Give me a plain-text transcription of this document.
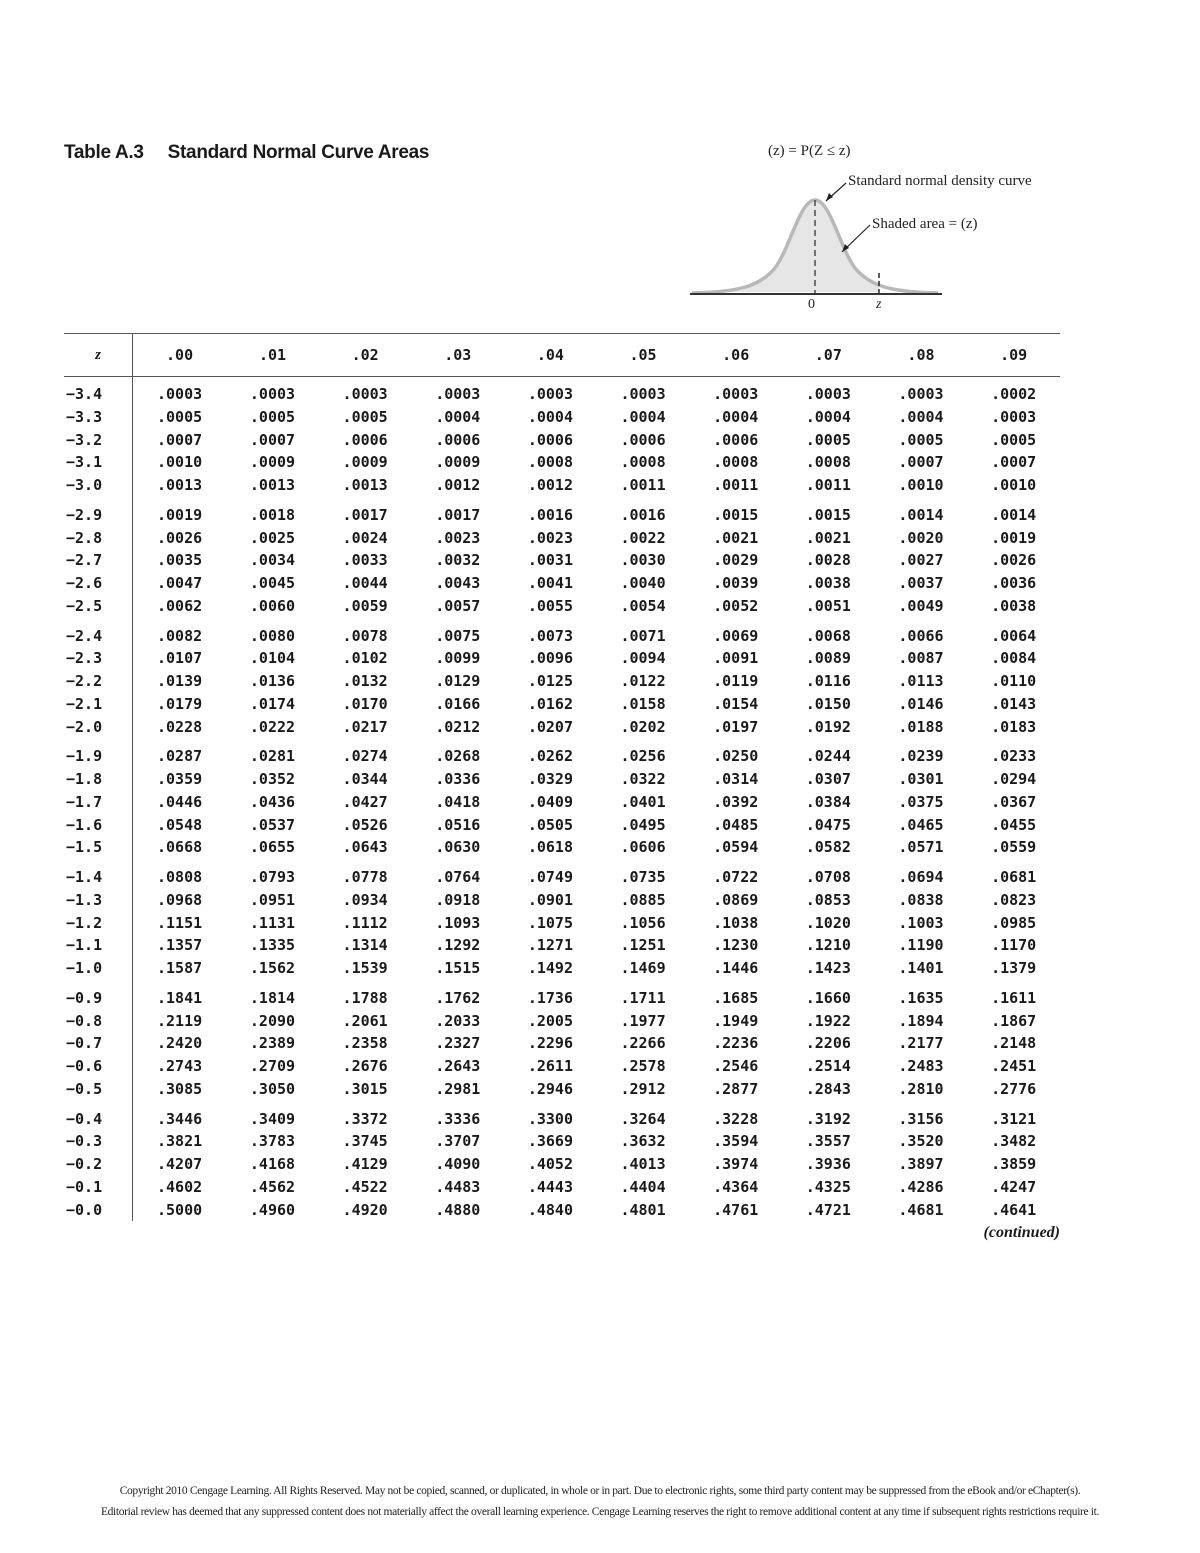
Table A.3 Standard Normal Curve Areas	(z) = P(Z ≤ z)
Standard normal density curve
Shaded area = (z)
0	z
z	.00	.01	.02	.03	.04	.05	.06	.07	.08	.09
−3.4	.0003	.0003	.0003	.0003	.0003	.0003	.0003	.0003	.0003	.0002
−3.3	.0005	.0005	.0005	.0004	.0004	.0004	.0004	.0004	.0004	.0003
−3.2	.0007	.0007	.0006	.0006	.0006	.0006	.0006	.0005	.0005	.0005
−3.1	.0010	.0009	.0009	.0009	.0008	.0008	.0008	.0008	.0007	.0007
−3.0	.0013	.0013	.0013	.0012	.0012	.0011	.0011	.0011	.0010	.0010
−2.9	.0019	.0018	.0017	.0017	.0016	.0016	.0015	.0015	.0014	.0014
−2.8	.0026	.0025	.0024	.0023	.0023	.0022	.0021	.0021	.0020	.0019
−2.7	.0035	.0034	.0033	.0032	.0031	.0030	.0029	.0028	.0027	.0026
−2.6	.0047	.0045	.0044	.0043	.0041	.0040	.0039	.0038	.0037	.0036
−2.5	.0062	.0060	.0059	.0057	.0055	.0054	.0052	.0051	.0049	.0038
−2.4	.0082	.0080	.0078	.0075	.0073	.0071	.0069	.0068	.0066	.0064
−2.3	.0107	.0104	.0102	.0099	.0096	.0094	.0091	.0089	.0087	.0084
−2.2	.0139	.0136	.0132	.0129	.0125	.0122	.0119	.0116	.0113	.0110
−2.1	.0179	.0174	.0170	.0166	.0162	.0158	.0154	.0150	.0146	.0143
−2.0	.0228	.0222	.0217	.0212	.0207	.0202	.0197	.0192	.0188	.0183
−1.9	.0287	.0281	.0274	.0268	.0262	.0256	.0250	.0244	.0239	.0233
−1.8	.0359	.0352	.0344	.0336	.0329	.0322	.0314	.0307	.0301	.0294
−1.7	.0446	.0436	.0427	.0418	.0409	.0401	.0392	.0384	.0375	.0367
−1.6	.0548	.0537	.0526	.0516	.0505	.0495	.0485	.0475	.0465	.0455
−1.5	.0668	.0655	.0643	.0630	.0618	.0606	.0594	.0582	.0571	.0559
−1.4	.0808	.0793	.0778	.0764	.0749	.0735	.0722	.0708	.0694	.0681
−1.3	.0968	.0951	.0934	.0918	.0901	.0885	.0869	.0853	.0838	.0823
−1.2	.1151	.1131	.1112	.1093	.1075	.1056	.1038	.1020	.1003	.0985
−1.1	.1357	.1335	.1314	.1292	.1271	.1251	.1230	.1210	.1190	.1170
−1.0	.1587	.1562	.1539	.1515	.1492	.1469	.1446	.1423	.1401	.1379
−0.9	.1841	.1814	.1788	.1762	.1736	.1711	.1685	.1660	.1635	.1611
−0.8	.2119	.2090	.2061	.2033	.2005	.1977	.1949	.1922	.1894	.1867
−0.7	.2420	.2389	.2358	.2327	.2296	.2266	.2236	.2206	.2177	.2148
−0.6	.2743	.2709	.2676	.2643	.2611	.2578	.2546	.2514	.2483	.2451
−0.5	.3085	.3050	.3015	.2981	.2946	.2912	.2877	.2843	.2810	.2776
−0.4	.3446	.3409	.3372	.3336	.3300	.3264	.3228	.3192	.3156	.3121
−0.3	.3821	.3783	.3745	.3707	.3669	.3632	.3594	.3557	.3520	.3482
−0.2	.4207	.4168	.4129	.4090	.4052	.4013	.3974	.3936	.3897	.3859
−0.1	.4602	.4562	.4522	.4483	.4443	.4404	.4364	.4325	.4286	.4247
−0.0	.5000	.4960	.4920	.4880	.4840	.4801	.4761	.4721	.4681	.4641
(continued)
Copyright 2010 Cengage Learning. All Rights Reserved. May not be copied, scanned, or duplicated, in whole or in part. Due to electronic rights, some third party content may be suppressed from the eBook and/or eChapter(s).
Editorial review has deemed that any suppressed content does not materially affect the overall learning experience. Cengage Learning reserves the right to remove additional content at any time if subsequent rights restrictions require it.
